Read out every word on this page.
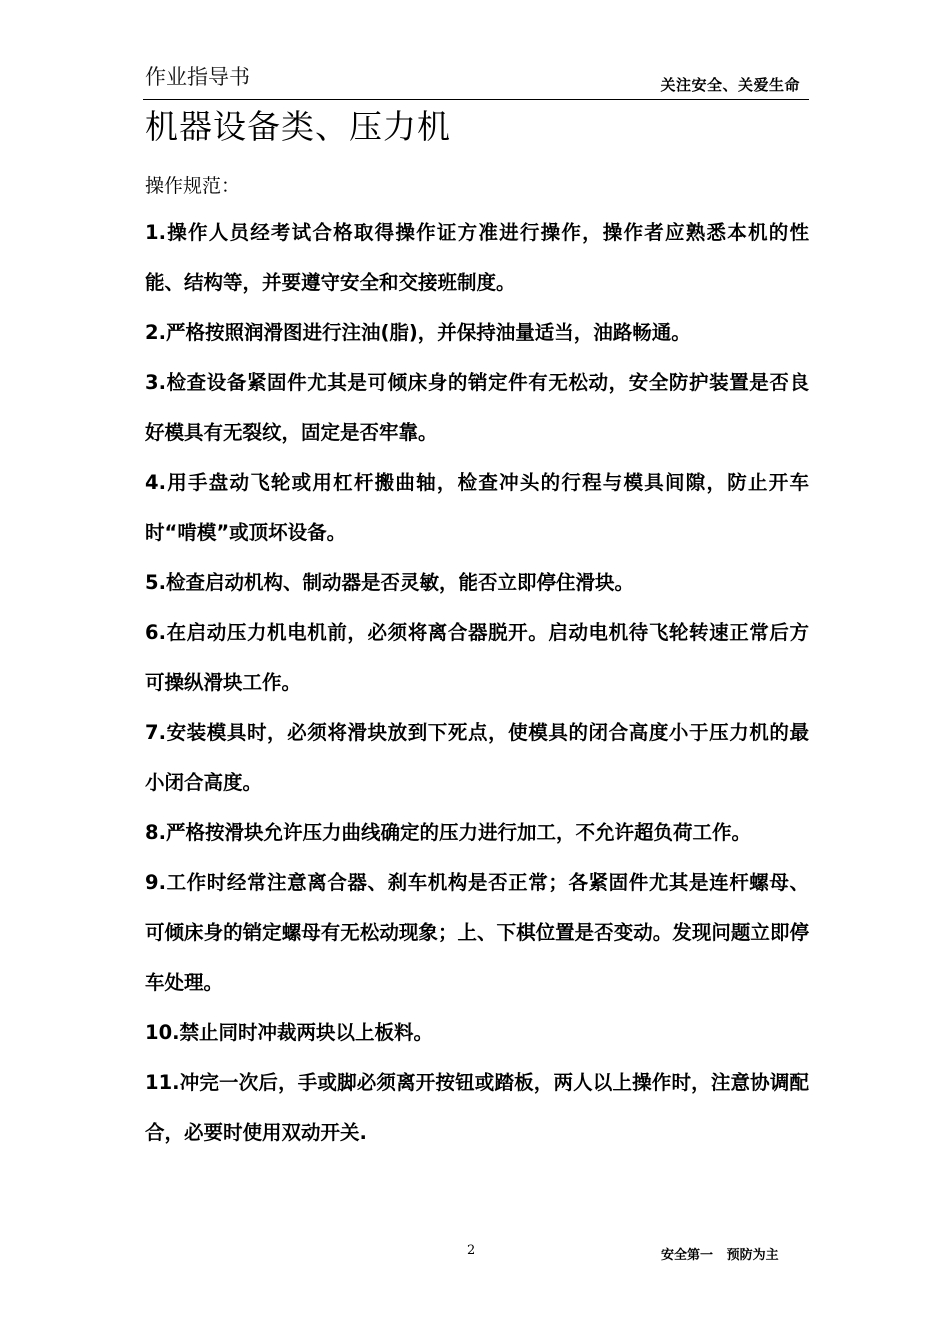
作业指导书	关注安全、关爱生命
机器设备类、压力机
操作规范：

1.操作人员经考试合格取得操作证方准进行操作，操作者应熟悉本机的性能、结构等，并要遵守安全和交接班制度。

2.严格按照润滑图进行注油(脂)，并保持油量适当，油路畅通。

3.检查设备紧固件尤其是可倾床身的销定件有无松动，安全防护装置是否良好模具有无裂纹，固定是否牢靠。

4.用手盘动飞轮或用杠杆搬曲轴，检查冲头的行程与模具间隙，防止开车时“啃模”或顶坏设备。

5.检查启动机构、制动器是否灵敏，能否立即停住滑块。

6.在启动压力机电机前，必须将离合器脱开。启动电机待飞轮转速正常后方可操纵滑块工作。

7.安装模具时，必须将滑块放到下死点，使模具的闭合高度小于压力机的最小闭合高度。

8.严格按滑块允许压力曲线确定的压力进行加工，不允许超负荷工作。

9.工作时经常注意离合器、刹车机构是否正常；各紧固件尤其是连杆螺母、可倾床身的销定螺母有无松动现象；上、下棋位置是否变动。发现问题立即停车处理。

10.禁止同时冲裁两块以上板料。

11.冲完一次后，手或脚必须离开按钮或踏板，两人以上操作时，注意协调配合，必要时使用双动开关.

2	安全第一   预防为主
